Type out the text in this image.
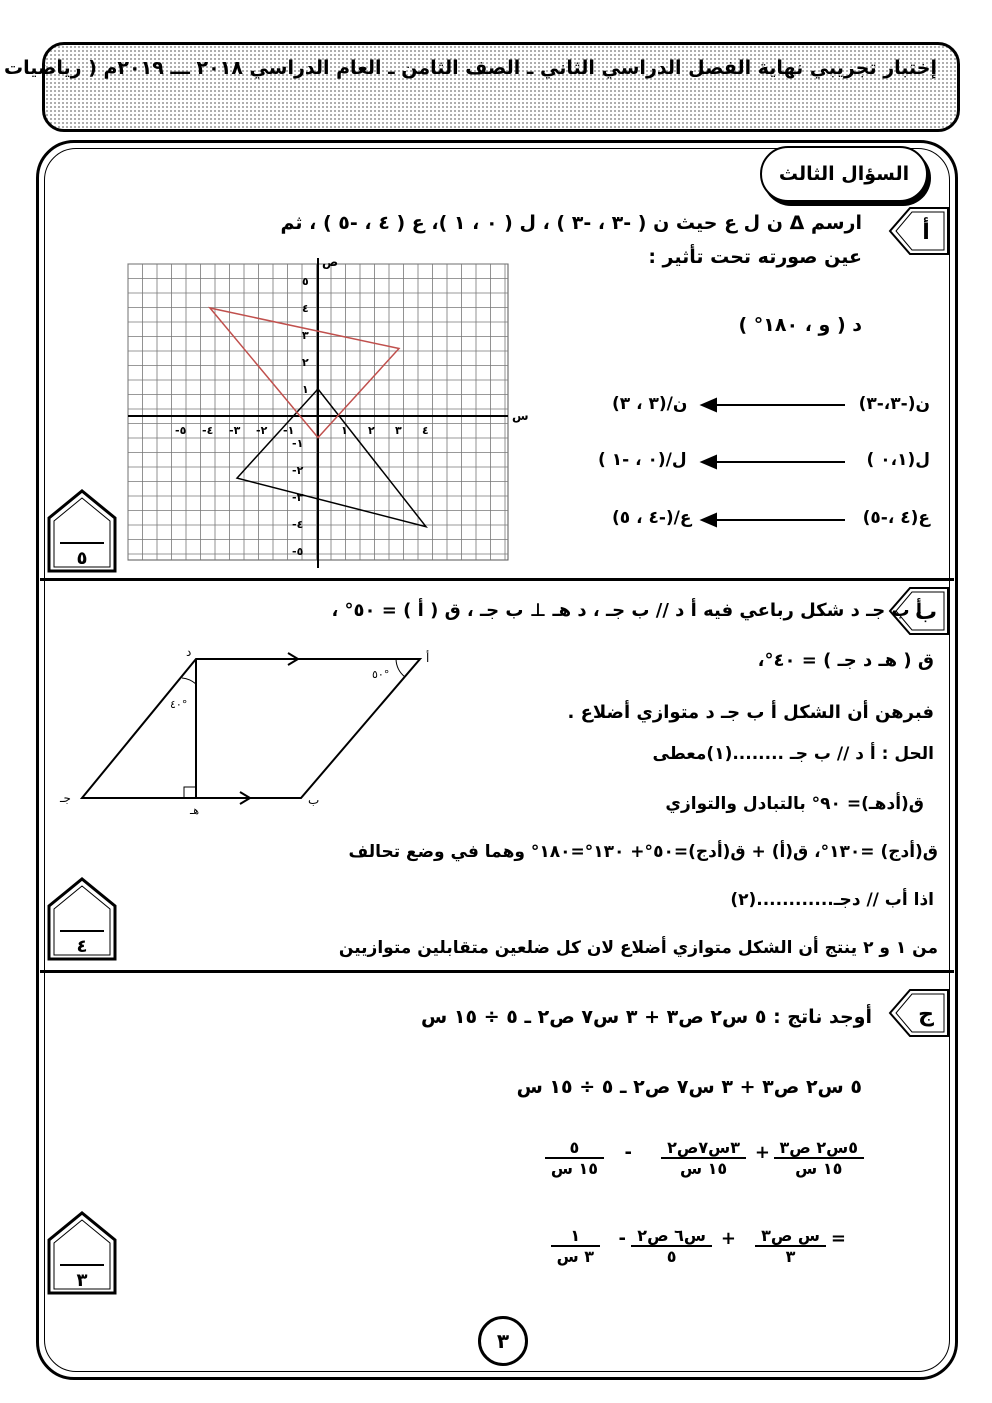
إختبار تجريبي نهاية الفصل الدراسي الثاني ـ الصف الثامن ـ العام الدراسي ٢٠١٨ ـــ ٢٠١٩م ( رياضيات
السؤال الثالث
أ
ب
ج
ارسم Δ ن ل ع حيث ن ( -٣ ، -٣ ) ، ل ( ٠ ، ١ )، ع ( ٤ ، -٥ ) ، ثم
عين صورته تحت تأثير :
د ( و ، ١٨٠° )
ن(-٣،-٣)
ن/(٣ ، ٣)
ل(٠،١ )
ل/(٠ ، -١ )
ع(٤ ،-٥)
ع/(-٤ ، ٥)
س
ص
١ ٢ ٣ ٤
-١
-٢
-٣
-٤
-٥
١
٢
٣
٤
٥
-١
-٢
-٣
-٤
-٥
٥
٤
٣
أ ب جـ د شكل رباعي فيه أ د // ب جـ ، د هـ ⊥ ب جـ ، ق ( أ ) = ٥٠° ،
ق ( هـ د جـ ) = ٤٠°،
فبرهن أن الشكل أ ب جـ د متوازي أضلاع .
الحل : أ د // ب جـ ........(١)معطى
ق(أدهـ)= ٩٠° بالتبادل والتوازي
ق(أدج) =١٣٠°، ق(أ) + ق(أدج)=٥٠°+ ١٣٠°=١٨٠° وهما في وضع تحالف
اذا أب // دجـ............(٢)
من ١ و ٢ ينتج أن الشكل متوازي أضلاع لان كل ضلعين متقابلين متوازيين
أ
د
ب
جـ
هـ
٥٠°
٤٠°
أوجد ناتج : ٥ س٢ ص٣ + ٣ س٧ ص٢ ـ ٥ ÷ ١٥ س
٥ س٢ ص٣ + ٣ س٧ ص٢ ـ ٥ ÷ ١٥ س
٥س٢ ص٣
١٥ س
+
٣س٧ص٢
١٥ س
-
٥
١٥ س
=
س ص٣
٣
+
س٦ ص٢
٥
-
١
٣ س
٣
